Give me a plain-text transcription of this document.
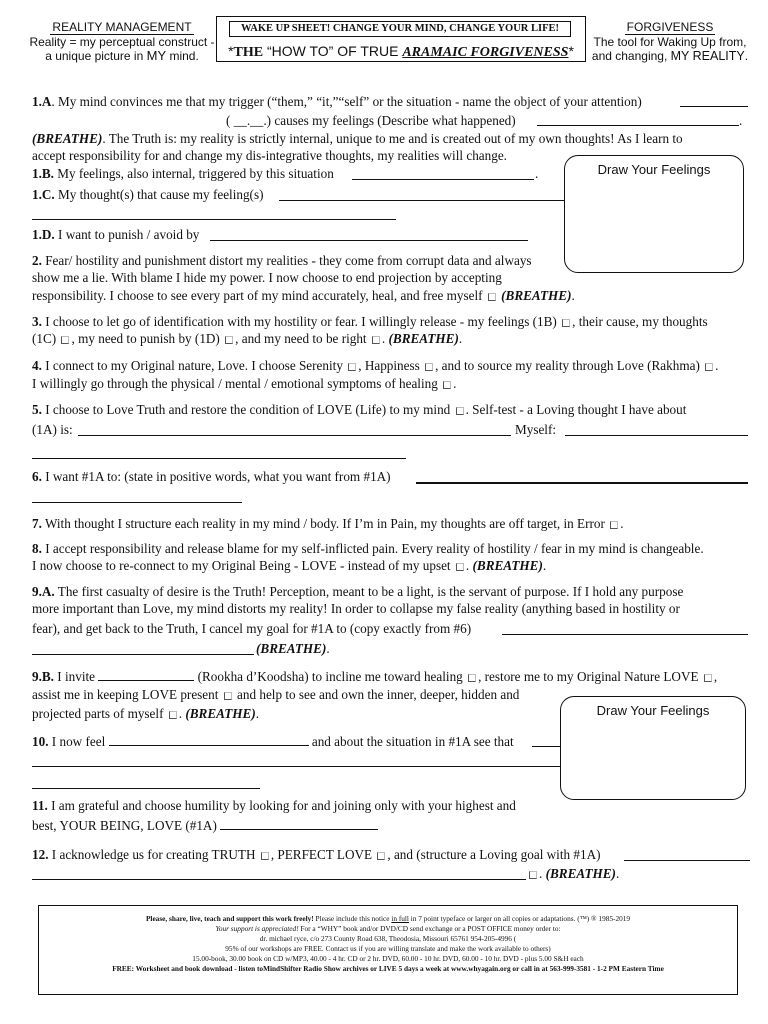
REALITY MANAGEMENT
Reality = my perceptual construct -
a unique picture in MY mind.
WAKE UP SHEET! CHANGE YOUR MIND, CHANGE YOUR LIFE!
*THE “HOW TO” OF TRUE ARAMAIC FORGIVENESS*
FORGIVENESS
The tool for Waking Up from,
and changing, MY REALITY.
Draw Your Feelings
Draw Your Feelings
1.A. My mind convinces me that my trigger (“them,” “it,”“self” or the situation - name the object of your attention)
( __.__.) causes my feelings (Describe what happened)	.
(BREATHE). The Truth is: my reality is strictly internal, unique to me and is created out of my own thoughts! As I learn to
accept responsibility for and change my dis-integrative thoughts, my realities will change.
1.B. My feelings, also internal, triggered by this situation	.
1.C. My thought(s) that cause my feeling(s)
1.D. I want to punish / avoid by
2. Fear/ hostility and punishment distort my realities - they come from corrupt data and always
show me a lie. With blame I hide my power. I now choose to end projection by accepting
responsibility. I choose to see every part of my mind accurately, heal, and free myself  (BREATHE).
3. I choose to let go of identification with my hostility or fear. I willingly release - my feelings (1B) , their cause, my thoughts
(1C) , my need to punish by (1D) , and my need to be right . (BREATHE).
4. I connect to my Original nature, Love. I choose Serenity , Happiness , and to source my reality through Love (Rakhma) .
I willingly go through the physical / mental / emotional symptoms of healing .
5. I choose to Love Truth and restore the condition of LOVE (Life) to my mind . Self-test - a Loving thought I have about
(1A) is:	Myself:
6. I want #1A to: (state in positive words, what you want from #1A)
7. With thought I structure each reality in my mind / body. If I’m in Pain, my thoughts are off target, in Error .
8. I accept responsibility and release blame for my self-inflicted pain. Every reality of hostility / fear in my mind is changeable.
I now choose to re-connect to my Original Being - LOVE - instead of my upset . (BREATHE).
9.A. The first casualty of desire is the Truth! Perception, meant to be a light, is the servant of purpose. If I hold any purpose
more important than Love, my mind distorts my reality! In order to collapse my false reality (anything based in hostility or
fear), and get back to the Truth, I cancel my goal for #1A to (copy exactly from #6)
(BREATHE).
9.B. I invite	(Rookha d’Koodsha) to incline me toward healing , restore me to my Original Nature LOVE ,
assist me in keeping LOVE present  and help to see and own the inner, deeper, hidden and
projected parts of myself . (BREATHE).
10. I now feel	and about the situation in #1A see that
11. I am grateful and choose humility by looking for and joining only with your highest and
best, YOUR BEING, LOVE (#1A)
12. I acknowledge us for creating TRUTH , PERFECT LOVE , and (structure a Loving goal with #1A)
. (BREATHE).
Please, share, live, teach and support this work freely! Please include this notice in full in 7 point typeface or larger on all copies or adaptations. (™) ® 1985-2019
Your support is appreciated! For a “WHY” book and/or DVD/CD send exchange or a POST OFFICE money order to:
dr. michael ryce, c/o 273 County Road 638, Theodosia, Missouri 65761 954-205-4996 (
95% of our workshops are FREE. Contact us if you are willing translate and make the work available to others)
15.00-book, 30.00 book on CD w/MP3, 40.00 - 4 hr. CD or 2 hr. DVD, 60.00 - 10 hr. DVD, 60.00 - 10 hr. DVD - plus 5.00 S&H each
FREE: Worksheet and book download - listen toMindShifter Radio Show archives or LIVE 5 days a week at www.whyagain.org or call in at 563-999-3581 - 1-2 PM Eastern Time
